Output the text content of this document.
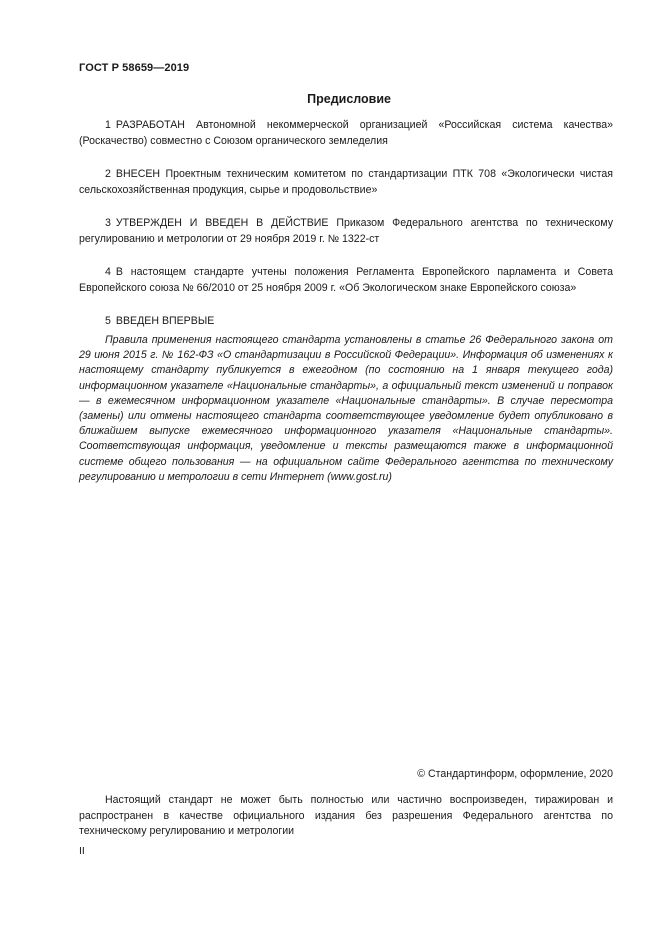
ГОСТ Р 58659—2019
Предисловие

1 РАЗРАБОТАН Автономной некоммерческой организацией «Российская система качества» (Роскачество) совместно с Союзом органического земледелия

2 ВНЕСЕН Проектным техническим комитетом по стандартизации ПТК 708 «Экологически чистая сельскохозяйственная продукция, сырье и продовольствие»

3 УТВЕРЖДЕН И ВВЕДЕН В ДЕЙСТВИЕ Приказом Федерального агентства по техническому регулированию и метрологии от 29 ноября 2019 г. № 1322-ст

4 В настоящем стандарте учтены положения Регламента Европейского парламента и Совета Европейского союза № 66/2010 от 25 ноября 2009 г. «Об Экологическом знаке Европейского союза»

5 ВВЕДЕН ВПЕРВЫЕ

Правила применения настоящего стандарта установлены в статье 26 Федерального закона от 29 июня 2015 г. № 162-ФЗ «О стандартизации в Российской Федерации». Информация об изменениях к настоящему стандарту публикуется в ежегодном (по состоянию на 1 января текущего года) информационном указателе «Национальные стандарты», а официальный текст изменений и поправок — в ежемесячном информационном указателе «Национальные стандарты». В случае пересмотра (замены) или отмены настоящего стандарта соответствующее уведомление будет опубликовано в ближайшем выпуске ежемесячного информационного указателя «Национальные стандарты». Соответствующая информация, уведомление и тексты размещаются также в информационной системе общего пользования — на официальном сайте Федерального агентства по техническому регулированию и метрологии в сети Интернет (www.gost.ru)

© Стандартинформ, оформление, 2020

Настоящий стандарт не может быть полностью или частично воспроизведен, тиражирован и распространен в качестве официального издания без разрешения Федерального агентства по техническому регулированию и метрологии

II
